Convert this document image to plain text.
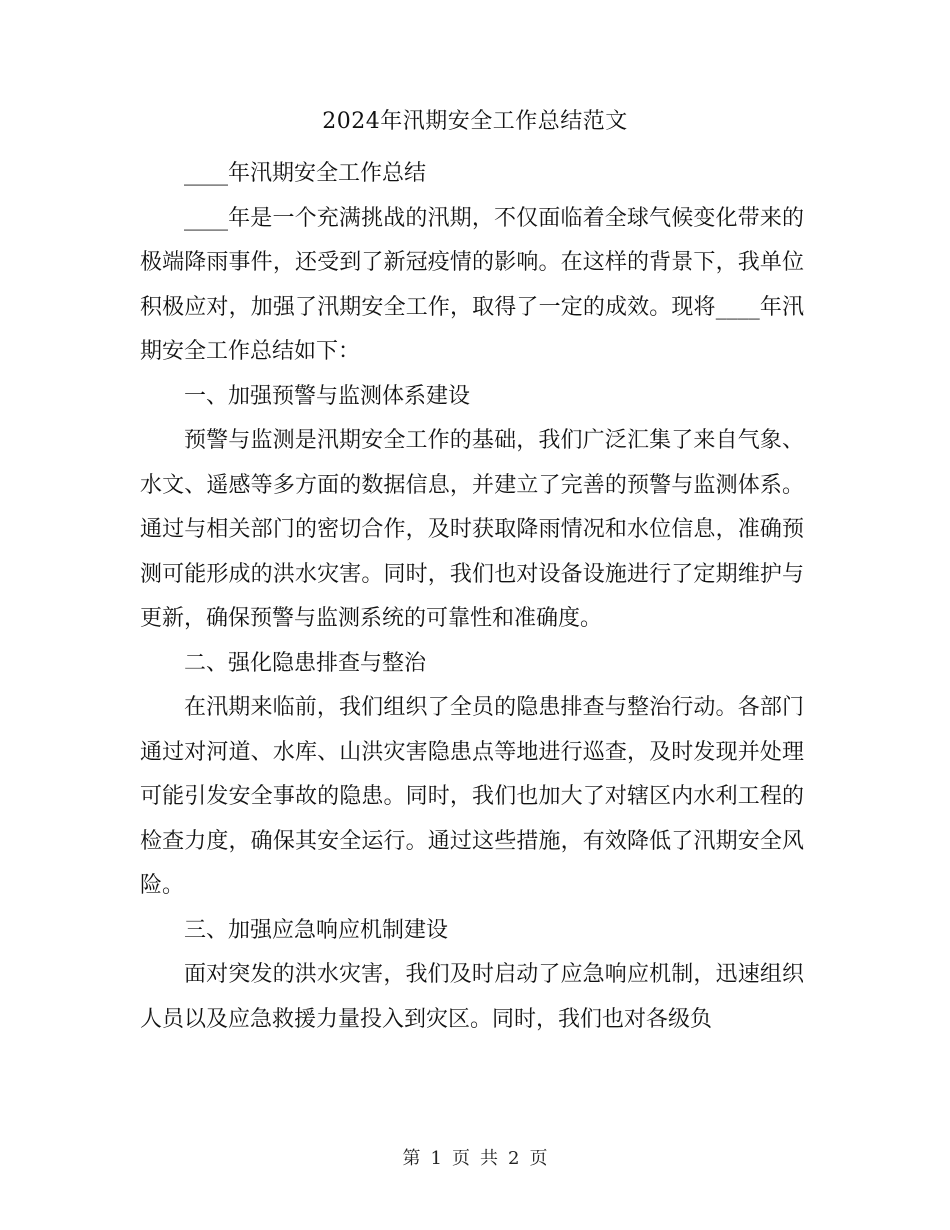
2024年汛期安全工作总结范文

____年汛期安全工作总结

____年是一个充满挑战的汛期，不仅面临着全球气候变化带来的极端降雨事件，还受到了新冠疫情的影响。在这样的背景下，我单位积极应对，加强了汛期安全工作，取得了一定的成效。现将____年汛期安全工作总结如下：

一、加强预警与监测体系建设

预警与监测是汛期安全工作的基础，我们广泛汇集了来自气象、水文、遥感等多方面的数据信息，并建立了完善的预警与监测体系。通过与相关部门的密切合作，及时获取降雨情况和水位信息，准确预测可能形成的洪水灾害。同时，我们也对设备设施进行了定期维护与更新，确保预警与监测系统的可靠性和准确度。

二、强化隐患排查与整治

在汛期来临前，我们组织了全员的隐患排查与整治行动。各部门通过对河道、水库、山洪灾害隐患点等地进行巡查，及时发现并处理可能引发安全事故的隐患。同时，我们也加大了对辖区内水利工程的检查力度，确保其安全运行。通过这些措施，有效降低了汛期安全风险。

三、加强应急响应机制建设

面对突发的洪水灾害，我们及时启动了应急响应机制，迅速组织人员以及应急救援力量投入到灾区。同时，我们也对各级负

第 1 页 共 2 页
